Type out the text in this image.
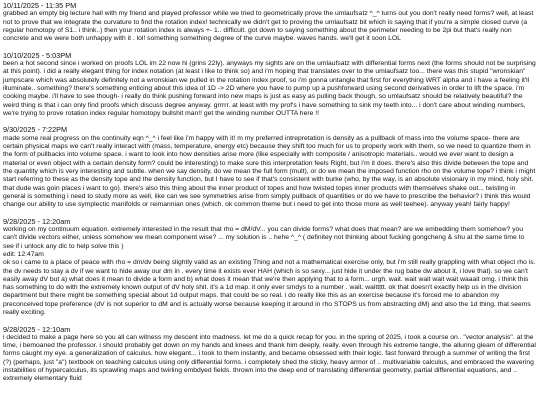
10/11/2025 - 11:35 PM

grabbed an empty big lecture hall with my friend and played professor while we tried to geometrically prove the umlaufsatz ^_^ turns out you don't really need forms? well, at least not to prove that we integrate the curvature to find the rotation index! technically we didn't get to proving the umlaufsatz bit which is saying that if you're a simple closed curve (a regular homotopy of S1.. i think..) then your rotation index is always +- 1.. difficult. got down to saying something about the perimeter needing to be 2pi but that's really non concrete and we were both unhappy with it . lol! something something degree of the curve maybe. waves hands. we'll get it soon LOL

10/10/2025 - 5:03PM

been a hot second since i worked on proofs LOL im 22 now hi (grins 22ly). anyways my sights are on the umlaufsatz with differential forms next (the forms should not be surprising at this point). i did a really elegant thing for index notation (at least i like to think so) and i'm hoping that translates over to the umlaufsatz too... there was this stupid "wronskian" jumpscare which was absolutely definitely not a wronskian we pulled in the rotation index proof, so i'm gonna untangle that first for everything WRT alpha and i have a feeling it'll illuminate.. something? there's something enticing about this idea of 1D -> 2D where you have to pump up a pushforward using second derivatives in order to lift the space. i'm cooking maybe. i'll have to see though- i really do think pushing forward into new maps is just as easy as pulling back though, so umlaufsatz should be relatively beautiful? the weird thing is that i can only find proofs which discuss degree anyway. grrrrr. at least with my prof's i have something to sink my teeth into... i don't care about winding numbers, we're trying to prove rotation index regular homotopy bullshit man!! get the winding number OUTTA here !!

9/30/2025 - 7:22PM

made some real progress on the continuity eqn ^_^ i feel like i'm happy with it! m my preferred intrepretation is density as a pullback of mass into the volume space- there are certain physical maps we can't really interact with (mass, temperature, energy etc) because they shift too much for us to properly work with them, so we need to quantize them in the form of pullbacks into volume space. i want to look into how densities arise more (like especially with composite / anisotropic materials.. would we ever want to design a material or even object with a certain density form? could be interesting) to make sure this interpretation feels Right, but i'm it does. there's also this divide between the tope and the quantity which is very interesting and subtle. when we say density, do we mean the full form (mult), or do we mean the imposed function rho on the volume tope? i think i might start referring to these as the density tope and the density function, but I have to see if that's consistent with burke (who, by the way, is an absolute visionary in my mind, holy shit. that dude was goin places i want to go). there's also this thing about the inner product of topes and how twisted topes inner products with themselves shake out... twisting in general is something i need to study more as well, like can we see symmetries arise from simply pullback of quantities or do we have to prescribe the behavior? i think this would change our ability to use symplectic manifolds or reimannian ones (which. ok common theme but i need to get into those more as well teehee). anyway yeah! fairly happy!

9/28/2025 - 12:20am

working on my continuum equation. extremely interested in the result that rho = dM/dV... you can divide forms? what does that mean? are we embedding them somehow? you can't divide vectors either, unless somehow we mean component wise? ... my solution is .. hehe ^_^ ( definitey not thinking about fucking gongcheng & shu at the same time to see if i unlock any dlc to help solve this )

edit: 12:47am

ok so i came to a place of peace with rho = dm/dv being slightly valid as an existing Thing and not a mathematical exercise only, but i'm still really grappling with what object rho is. the dv needs to stay a dv if we want to hide away our dm in . every time it exists ever HAH (which is so sexy... just hide it under the rug babe dw about it, i love that). so we can't easily away dV but a) what does it mean to divide a form and b) what does it mean that we're then applying that to a form... urgh. wait. wait wait wait wait waaait omg. i think this has something to do with the extremely known output of dV holy shit. it's a 1d map. it only ever smdys to a number . wait. waittttt. ok that doesn't exactly help us in the division department but there might be something special about 1d output maps. that could be so real. i do really like this as an exercise because it's forced me to abandon my preconceived tope preference (dV is not superior to dM and is actually worse because keeping it around in rho STOPS us from abstracting dM) and also the 1d thing. that seems really exciting.

9/28/2025 - 12:10am

i decided to make a page here so you all can witness my descent into madness. let me do a quick recap for you. in the spring of 2025, i took a course on.. "vector analysis". at the time, i bemoaned the professor. i should probably get down on my hands and knees and thank him deeply, really. even through his extreme tangle, the alluring gleam of differential forms caught my eye. a generalization of calculus. how elegant... i took to them instantly, and became obsessed with their logic. fast forward through a summer of writing the first (?) (perhaps, just "a") textbook on teaching calculus using only differential forms. i completely shed the sticky, heavy armor of .. multivariable calculus, and embraced the wavering instabilities of hypercalculus, its sprawling maps and twirling embdyed fields. thrown into the deep end of translating differential geometry, partial differential equations, and .. extremely elementary fluid
